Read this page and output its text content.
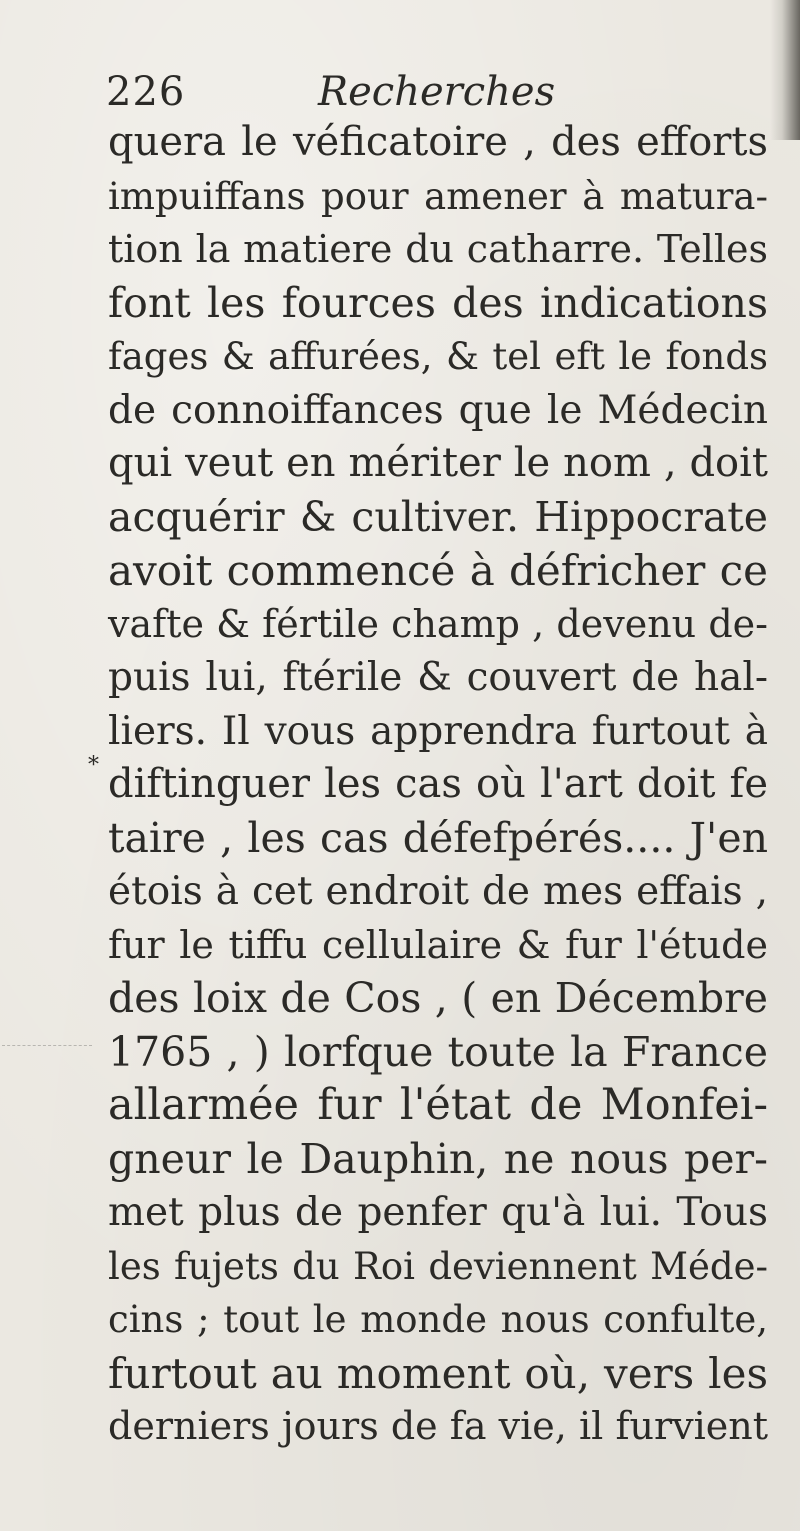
226	Recherches
*
quera le véficatoire , des efforts
impuiffans pour amener à matura-
tion la matiere du catharre. Telles
font les fources des indications
fages & affurées, & tel eft le fonds
de connoiffances que le Médecin
qui veut en mériter le nom , doit
acquérir & cultiver. Hippocrate
avoit commencé à défricher ce
vafte & fértile champ , devenu de-
puis lui, ftérile & couvert de hal-
liers. Il vous apprendra furtout à
diftinguer les cas où l'art doit fe
taire , les cas défefpérés.... J'en
étois à cet endroit de mes effais ,
fur le tiffu cellulaire & fur l'étude
des loix de Cos , ( en Décembre
1765 , ) lorfque toute la France
allarmée fur l'état de Monfei-
gneur le Dauphin, ne nous per-
met plus de penfer qu'à lui. Tous
les fujets du Roi deviennent Méde-
cins ; tout le monde nous confulte,
furtout au moment où, vers les
derniers jours de fa vie, il furvient
